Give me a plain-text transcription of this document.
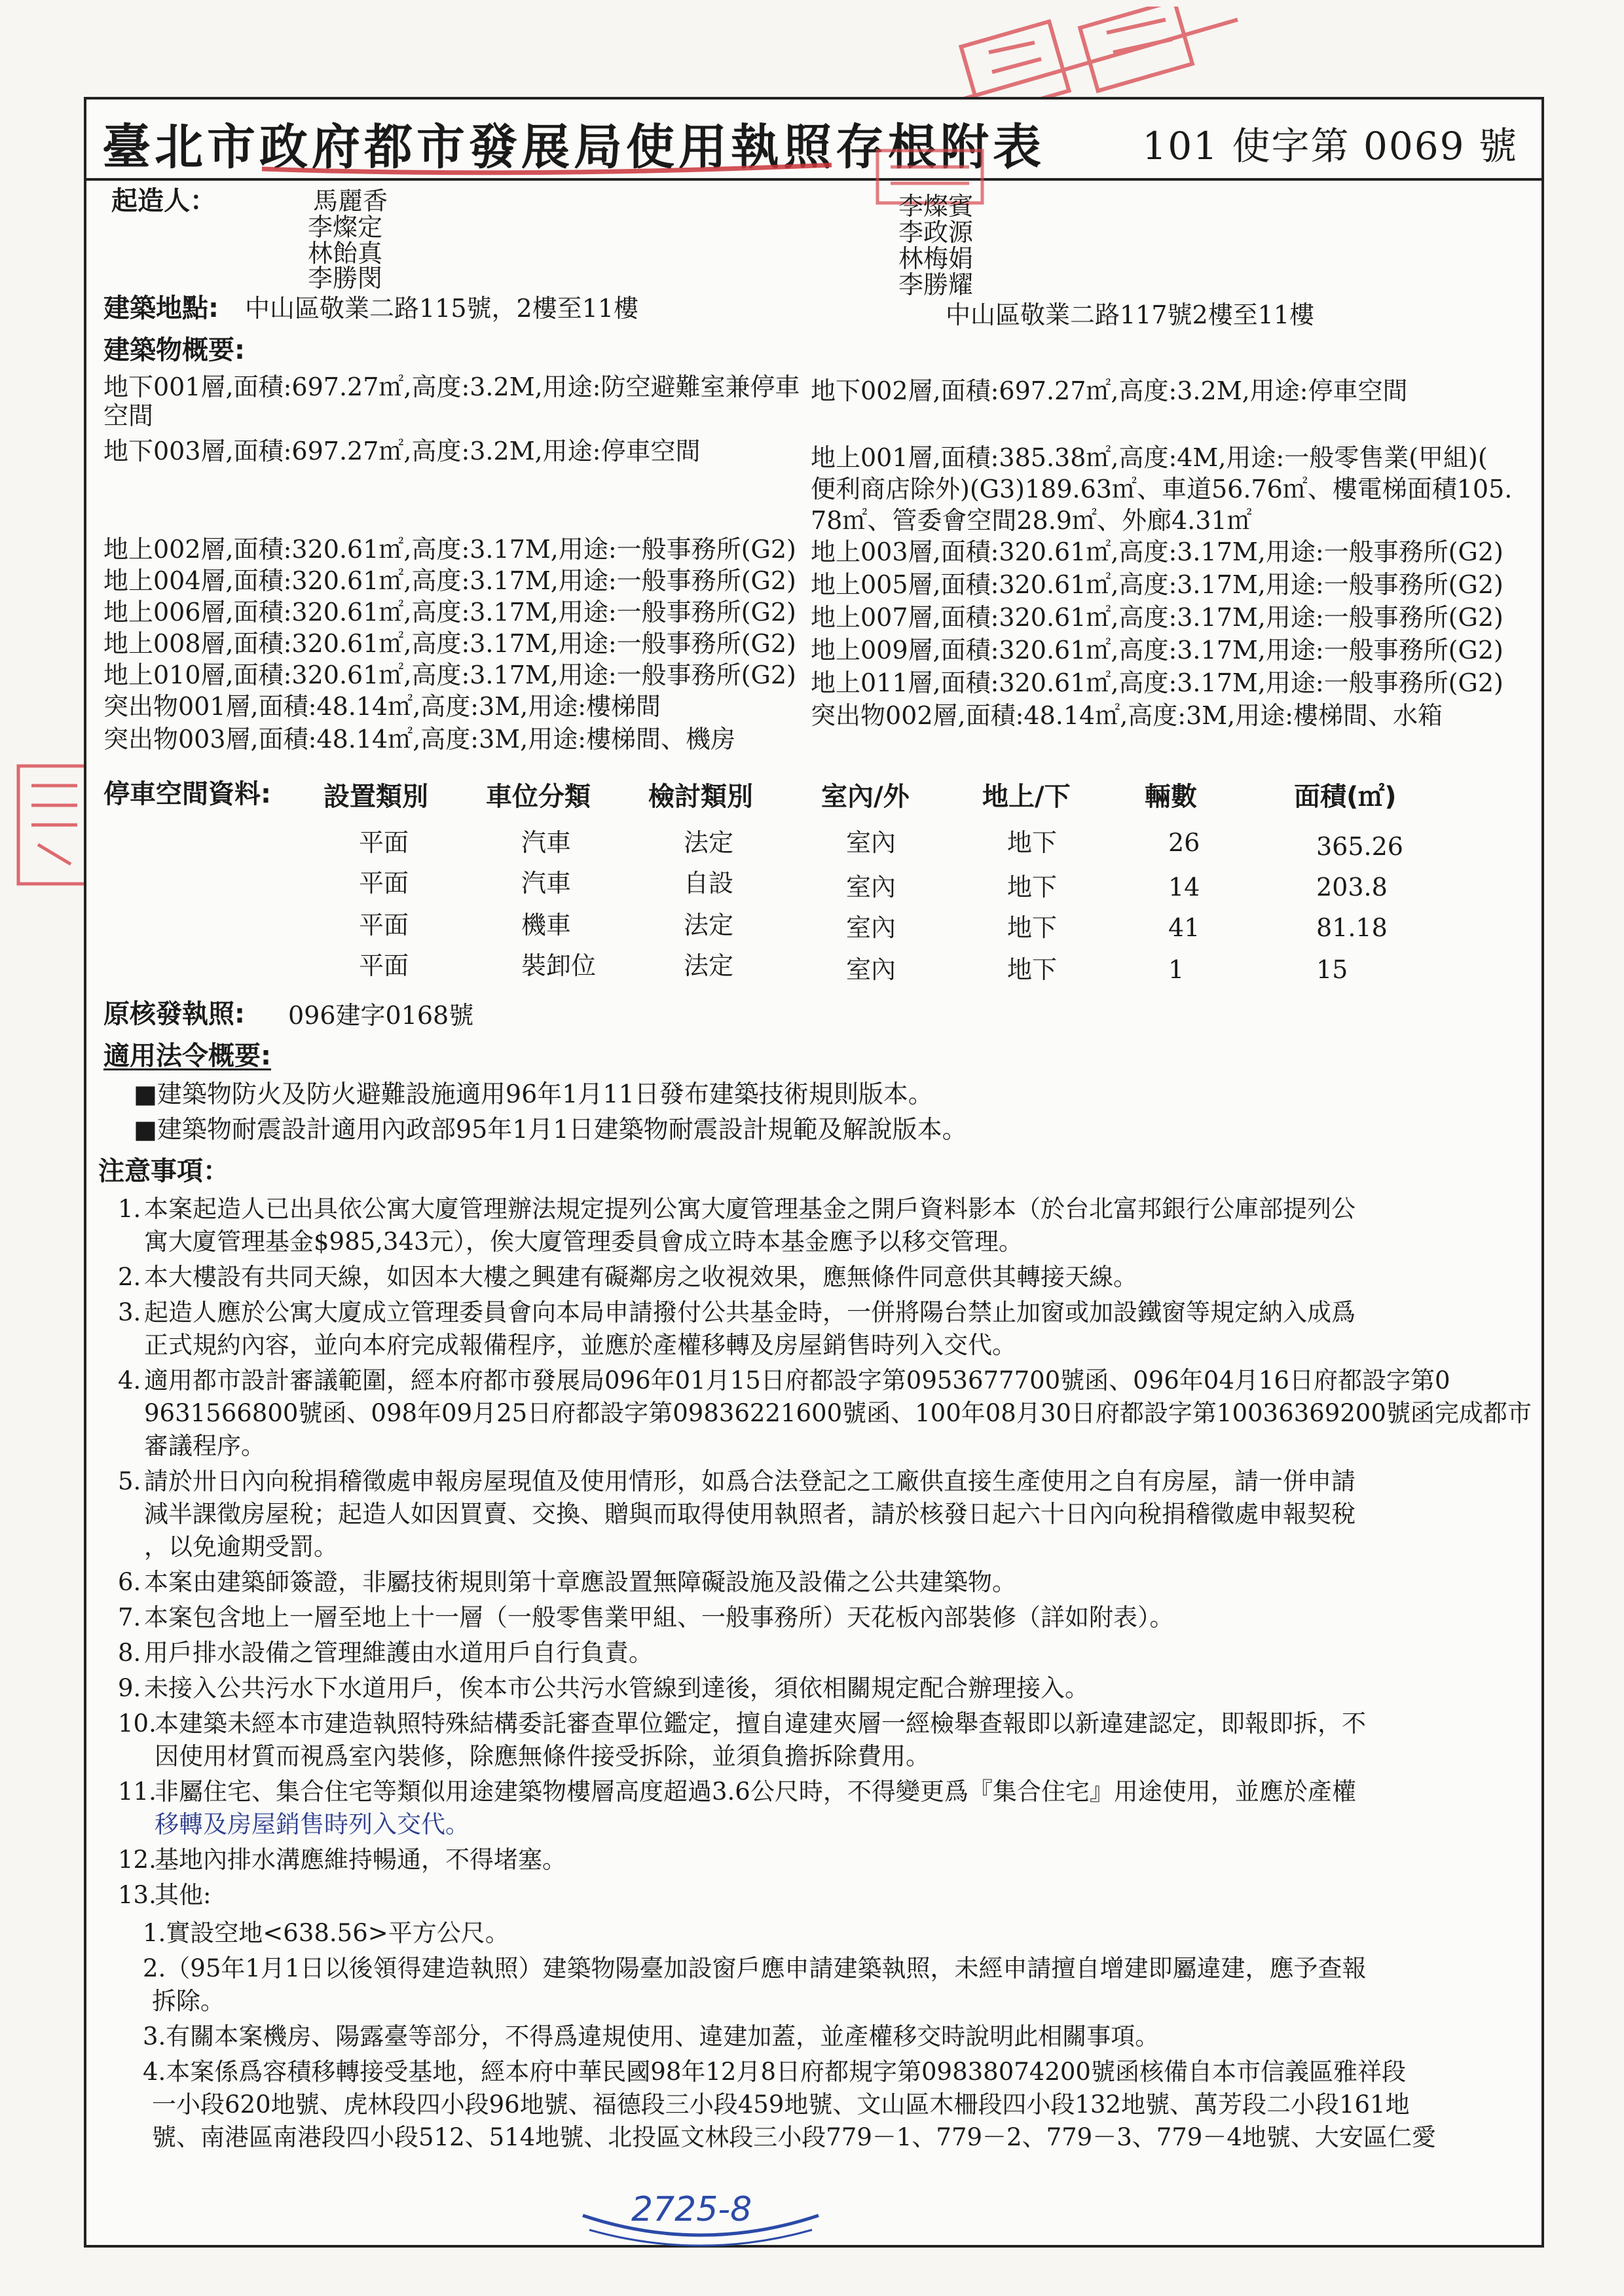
臺北市政府都市發展局使用執照存根附表	101 使字第 0069 號
起造人：	馬麗香
李燦定
林飴真
李勝閔
李燦賓
李政源
林梅娟
李勝耀
建築地點: 中山區敬業二路115號，2樓至11樓	中山區敬業二路117號2樓至11樓
建築物概要:
地下001層,面積:697.27㎡,高度:3.2M,用途:防空避難室兼停車
空間
地下002層,面積:697.27㎡,高度:3.2M,用途:停車空間
地下003層,面積:697.27㎡,高度:3.2M,用途:停車空間	地上001層,面積:385.38㎡,高度:4M,用途:一般零售業(甲組)(
便利商店除外)(G3)189.63㎡、車道56.76㎡、樓電梯面積105.
78㎡、管委會空間28.9㎡、外廊4.31㎡
地上002層,面積:320.61㎡,高度:3.17M,用途:一般事務所(G2)
地上004層,面積:320.61㎡,高度:3.17M,用途:一般事務所(G2)
地上006層,面積:320.61㎡,高度:3.17M,用途:一般事務所(G2)
地上008層,面積:320.61㎡,高度:3.17M,用途:一般事務所(G2)
地上010層,面積:320.61㎡,高度:3.17M,用途:一般事務所(G2)
突出物001層,面積:48.14㎡,高度:3M,用途:樓梯間
突出物003層,面積:48.14㎡,高度:3M,用途:樓梯間、機房
地上003層,面積:320.61㎡,高度:3.17M,用途:一般事務所(G2)
地上005層,面積:320.61㎡,高度:3.17M,用途:一般事務所(G2)
地上007層,面積:320.61㎡,高度:3.17M,用途:一般事務所(G2)
地上009層,面積:320.61㎡,高度:3.17M,用途:一般事務所(G2)
地上011層,面積:320.61㎡,高度:3.17M,用途:一般事務所(G2)
突出物002層,面積:48.14㎡,高度:3M,用途:樓梯間、水箱
停車空間資料: 設置類別 車位分類 檢討類別	室內/外	地上/下	輛數	面積(㎡)
平面	汽車	法定	室內	地下	26	365.26
平面	汽車	自設	室內	地下	14	203.8
平面	機車	法定	室內	地下	41	81.18
平面	裝卸位	法定	室內	地下	1	15
原核發執照: 096建字0168號
適用法令概要:
■建築物防火及防火避難設施適用96年1月11日發布建築技術規則版本。
■建築物耐震設計適用內政部95年1月1日建築物耐震設計規範及解說版本。
注意事項：
1. 本案起造人已出具依公寓大廈管理辦法規定提列公寓大廈管理基金之開戶資料影本（於台北富邦銀行公庫部提列公
寓大廈管理基金$985,343元），俟大廈管理委員會成立時本基金應予以移交管理。
2. 本大樓設有共同天線，如因本大樓之興建有礙鄰房之收視效果，應無條件同意供其轉接天線。
3. 起造人應於公寓大廈成立管理委員會向本局申請撥付公共基金時，一併將陽台禁止加窗或加設鐵窗等規定納入成爲
正式規約內容，並向本府完成報備程序，並應於產權移轉及房屋銷售時列入交代。
4. 適用都市設計審議範圍，經本府都市發展局096年01月15日府都設字第0953677700號函、096年04月16日府都設字第0
9631566800號函、098年09月25日府都設字第09836221600號函、100年08月30日府都設字第10036369200號函完成都市
審議程序。
5. 請於卅日內向稅捐稽徵處申報房屋現值及使用情形，如爲合法登記之工廠供直接生產使用之自有房屋，請一併申請
減半課徵房屋稅；起造人如因買賣、交換、贈與而取得使用執照者，請於核發日起六十日內向稅捐稽徵處申報契稅
，以免逾期受罰。
6. 本案由建築師簽證，非屬技術規則第十章應設置無障礙設施及設備之公共建築物。
7. 本案包含地上一層至地上十一層（一般零售業甲組、一般事務所）天花板內部裝修（詳如附表）。
8. 用戶排水設備之管理維護由水道用戶自行負責。
9. 未接入公共污水下水道用戶，俟本市公共污水管線到達後，須依相關規定配合辦理接入。
10.本建築未經本市建造執照特殊結構委託審查單位鑑定，擅自違建夾層一經檢舉查報即以新違建認定，即報即拆，不
因使用材質而視爲室內裝修，除應無條件接受拆除，並須負擔拆除費用。
11.非屬住宅、集合住宅等類似用途建築物樓層高度超過3.6公尺時，不得變更爲『集合住宅』用途使用，並應於產權
移轉及房屋銷售時列入交代。
12.基地內排水溝應維持暢通，不得堵塞。
13.其他:
1.實設空地<638.56>平方公尺。
2.（95年1月1日以後領得建造執照）建築物陽臺加設窗戶應申請建築執照，未經申請擅自增建即屬違建，應予查報
拆除。
3.有關本案機房、陽露臺等部分，不得爲違規使用、違建加蓋，並產權移交時說明此相關事項。
4.本案係爲容積移轉接受基地，經本府中華民國98年12月8日府都規字第09838074200號函核備自本市信義區雅祥段
一小段620地號、虎林段四小段96地號、福德段三小段459地號、文山區木柵段四小段132地號、萬芳段二小段161地
號、南港區南港段四小段512、514地號、北投區文林段三小段779－1、779－2、779－3、779－4地號、大安區仁愛
2725-8
